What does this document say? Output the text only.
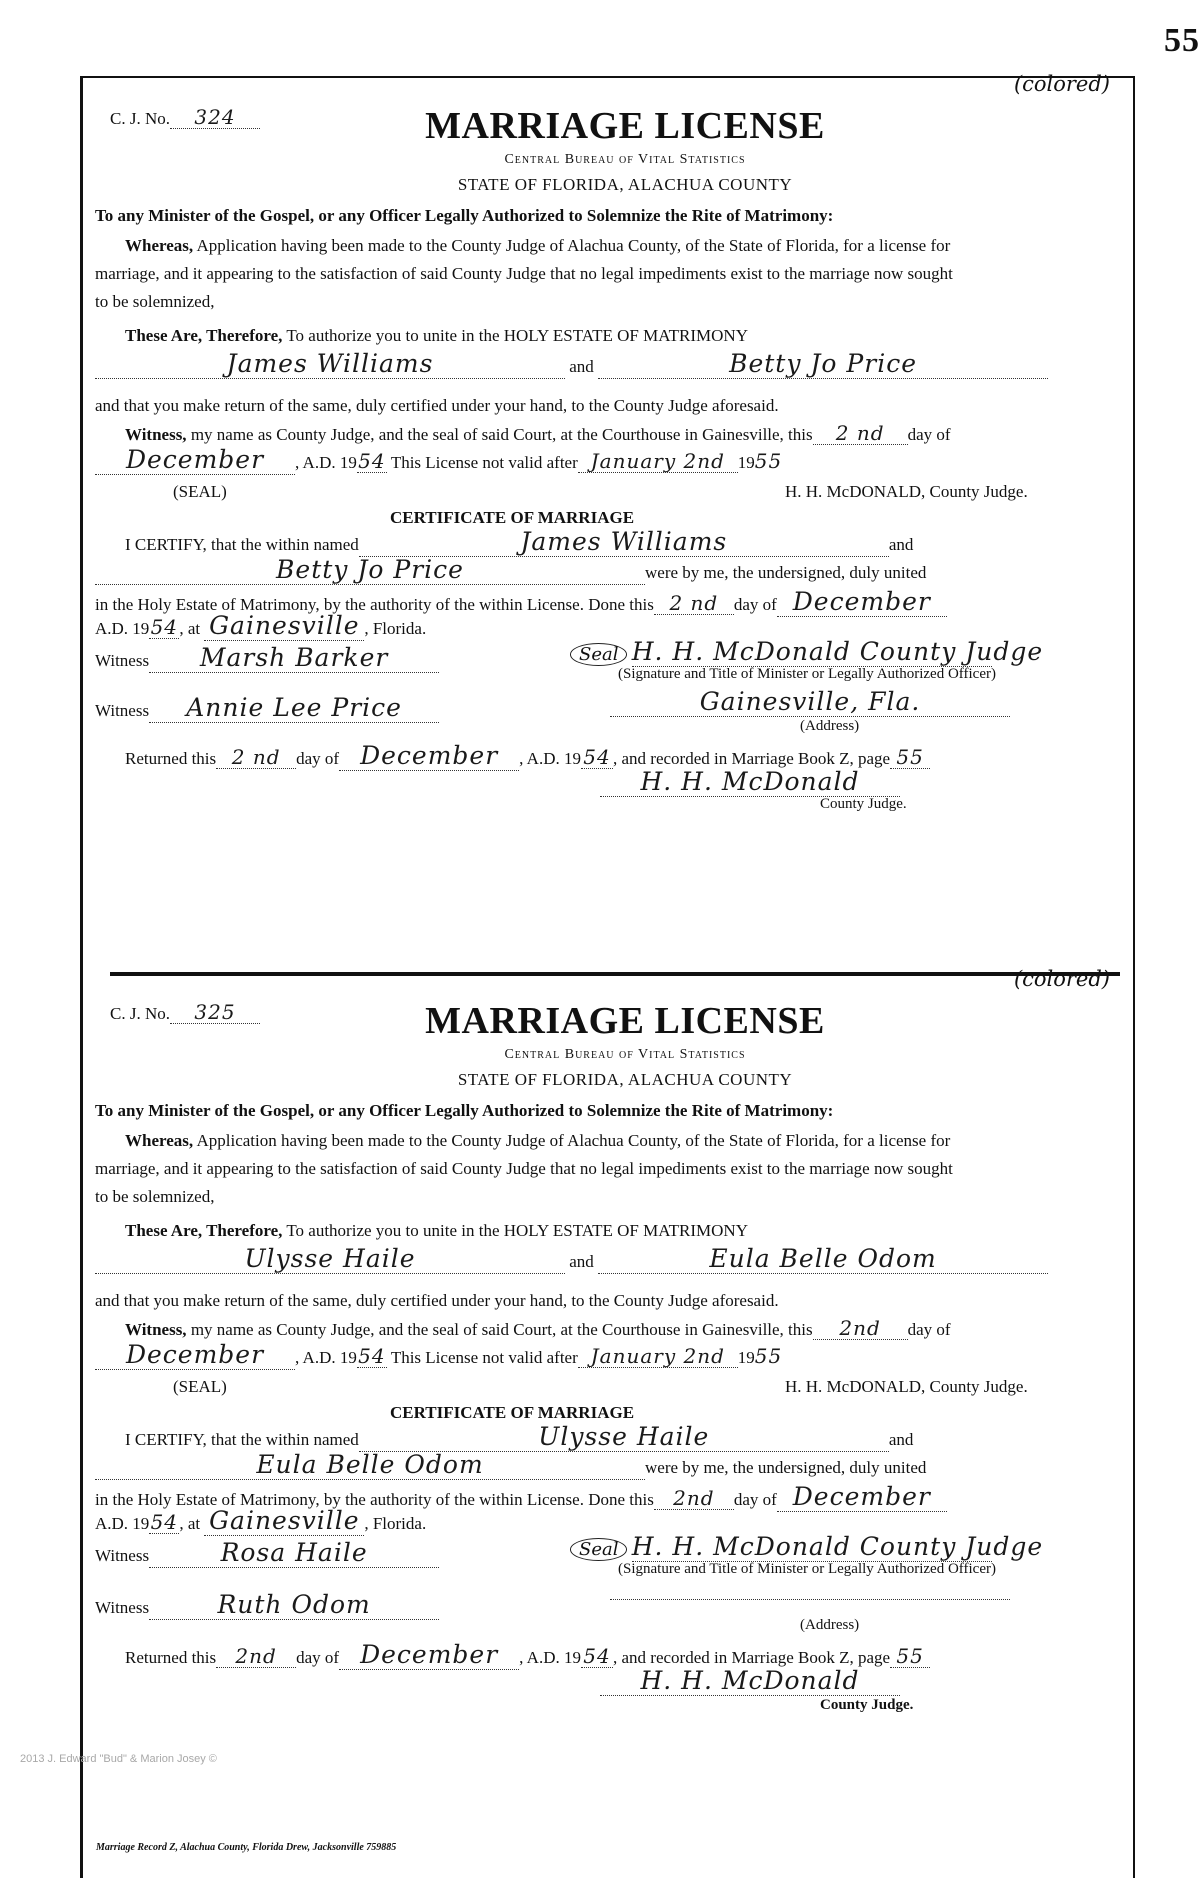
55
(colored)
C. J. No. 324	MARRIAGE LICENSE
Central Bureau of Vital Statistics
STATE OF FLORIDA, ALACHUA COUNTY
To any Minister of the Gospel, or any Officer Legally Authorized to Solemnize the Rite of Matrimony:
Whereas, Application having been made to the County Judge of Alachua County, of the State of Florida, for a license for
marriage, and it appearing to the satisfaction of said County Judge that no legal impediments exist to the marriage now sought
to be solemnized,
These Are, Therefore, To authorize you to unite in the HOLY ESTATE OF MATRIMONY
James Williams	and	Betty Jo Price
and that you make return of the same, duly certified under your hand, to the County Judge aforesaid.
Witness, my name as County Judge, and the seal of said Court, at the Courthouse in Gainesville, this 2 nd day of
December , A.D. 1954 This License not valid after January 2nd 1955
(SEAL)	H. H. McDONALD, County Judge.
CERTIFICATE OF MARRIAGE
I CERTIFY, that the within named	James Williams	and
Betty Jo Price	were by me, the undersigned, duly united
in the Holy Estate of Matrimony, by the authority of the within License. Done this 2 nd day of December
A.D. 1954, at Gainesville , Florida.
Witness Marsh Barker	Seal H. H. McDonald County Judge
(Signature and Title of Minister or Legally Authorized Officer)
Witness Annie Lee Price	Gainesville, Fla.
(Address)
Returned this 2 nd day of December , A.D. 19 54 , and recorded in Marriage Book Z, page 55
H. H. McDonald
County Judge.
(colored)
C. J. No. 325	MARRIAGE LICENSE
Central Bureau of Vital Statistics
STATE OF FLORIDA, ALACHUA COUNTY
To any Minister of the Gospel, or any Officer Legally Authorized to Solemnize the Rite of Matrimony:
Whereas, Application having been made to the County Judge of Alachua County, of the State of Florida, for a license for
marriage, and it appearing to the satisfaction of said County Judge that no legal impediments exist to the marriage now sought
to be solemnized,
These Are, Therefore, To authorize you to unite in the HOLY ESTATE OF MATRIMONY
Ulysse Haile	and	Eula Belle Odom
and that you make return of the same, duly certified under your hand, to the County Judge aforesaid.
Witness, my name as County Judge, and the seal of said Court, at the Courthouse in Gainesville, this 2nd day of
December , A.D. 1954 This License not valid after January 2nd 1955
(SEAL)	H. H. McDONALD, County Judge.
CERTIFICATE OF MARRIAGE
I CERTIFY, that the within named	Ulysse Haile	and
Eula Belle Odom	were by me, the undersigned, duly united
in the Holy Estate of Matrimony, by the authority of the within License. Done this 2nd day of December
A.D. 1954, at Gainesville , Florida.
Witness	Rosa Haile	Seal H. H. McDonald County Judge
(Signature and Title of Minister or Legally Authorized Officer)
Witness	Ruth Odom
(Address)
Returned this 2nd day of December , A.D. 19 54 , and recorded in Marriage Book Z, page 55
H. H. McDonald
County Judge.
2013 J. Edward "Bud" & Marion Josey ©
Marriage Record Z, Alachua County, Florida Drew, Jacksonville 759885
